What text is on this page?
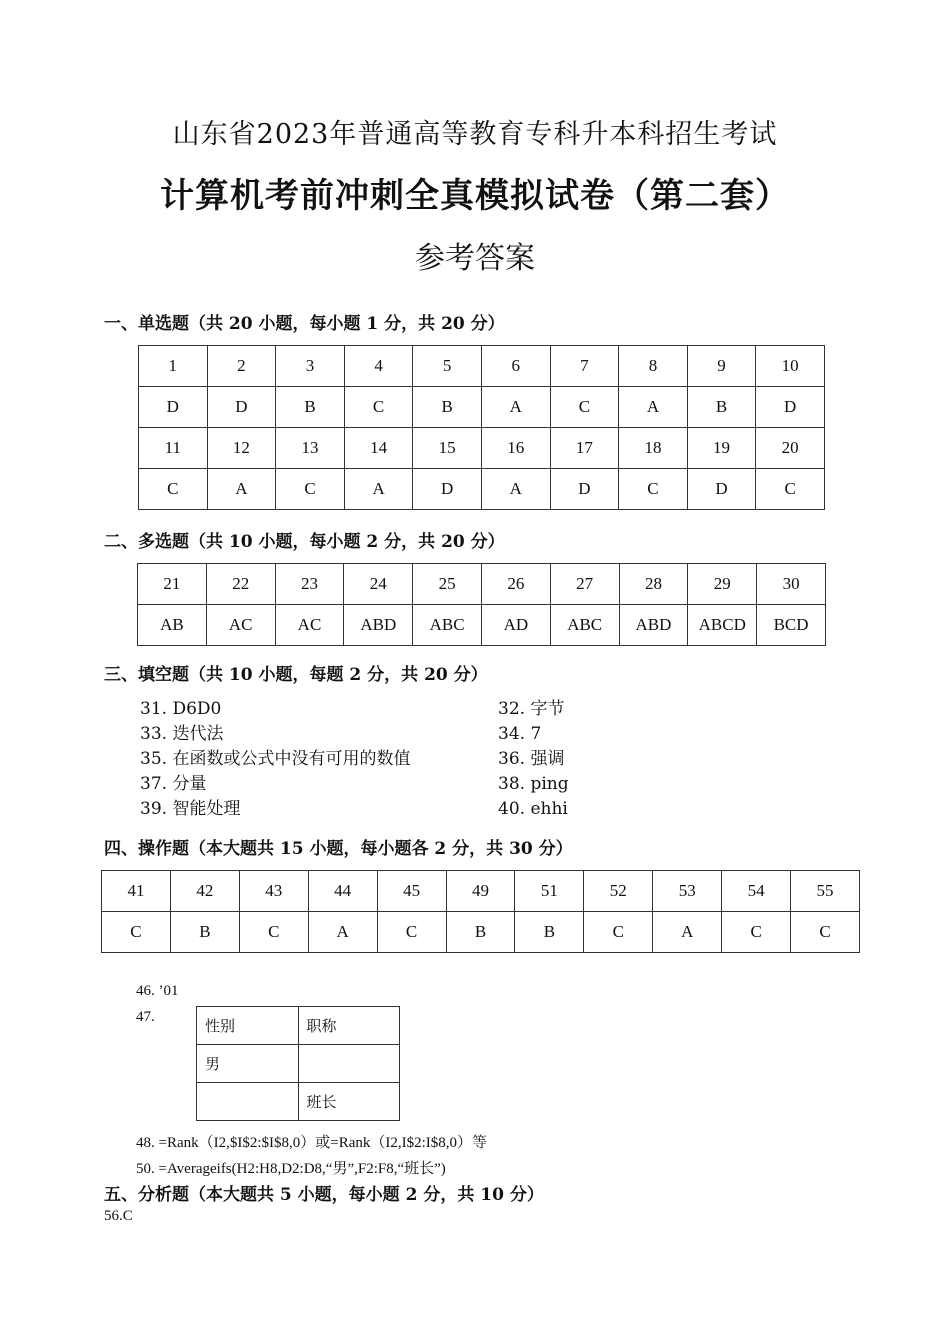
山东省2023年普通高等教育专科升本科招生考试
计算机考前冲刺全真模拟试卷（第二套）
参考答案
一、单选题（共 20 小题，每小题 1 分，共 20 分）
1	2	3	4	5	6	7	8	9	10
D	D	B	C	B	A	C	A	B	D
11	12	13	14	15	16	17	18	19	20
C	A	C	A	D	A	D	C	D	C
二、多选题（共 10 小题，每小题 2 分，共 20 分）
21	22	23	24	25	26	27	28	29	30
AB	AC	AC	ABD	ABC	AD	ABC	ABD	ABCD	BCD
三、填空题（共 10 小题，每题 2 分，共 20 分）
31. D6D0
33. 迭代法
35. 在函数或公式中没有可用的数值
37. 分量
39. 智能处理
32. 字节
34. 7
36. 强调
38. ping
40. ehhi
四、操作题（本大题共 15 小题，每小题各 2 分，共 30 分）
41	42	43	44	45	49	51	52	53	54	55
C	B	C	A	C	B	B	C	A	C	C
46. ’01
47.	性别	职称
男	
	班长
48. =Rank（I2,$I$2:$I$8,0）或=Rank（I2,I$2:I$8,0）等
50. =Averageifs(H2:H8,D2:D8,“男”,F2:F8,“班长”)
五、分析题（本大题共 5 小题，每小题 2 分，共 10 分）
56.C
